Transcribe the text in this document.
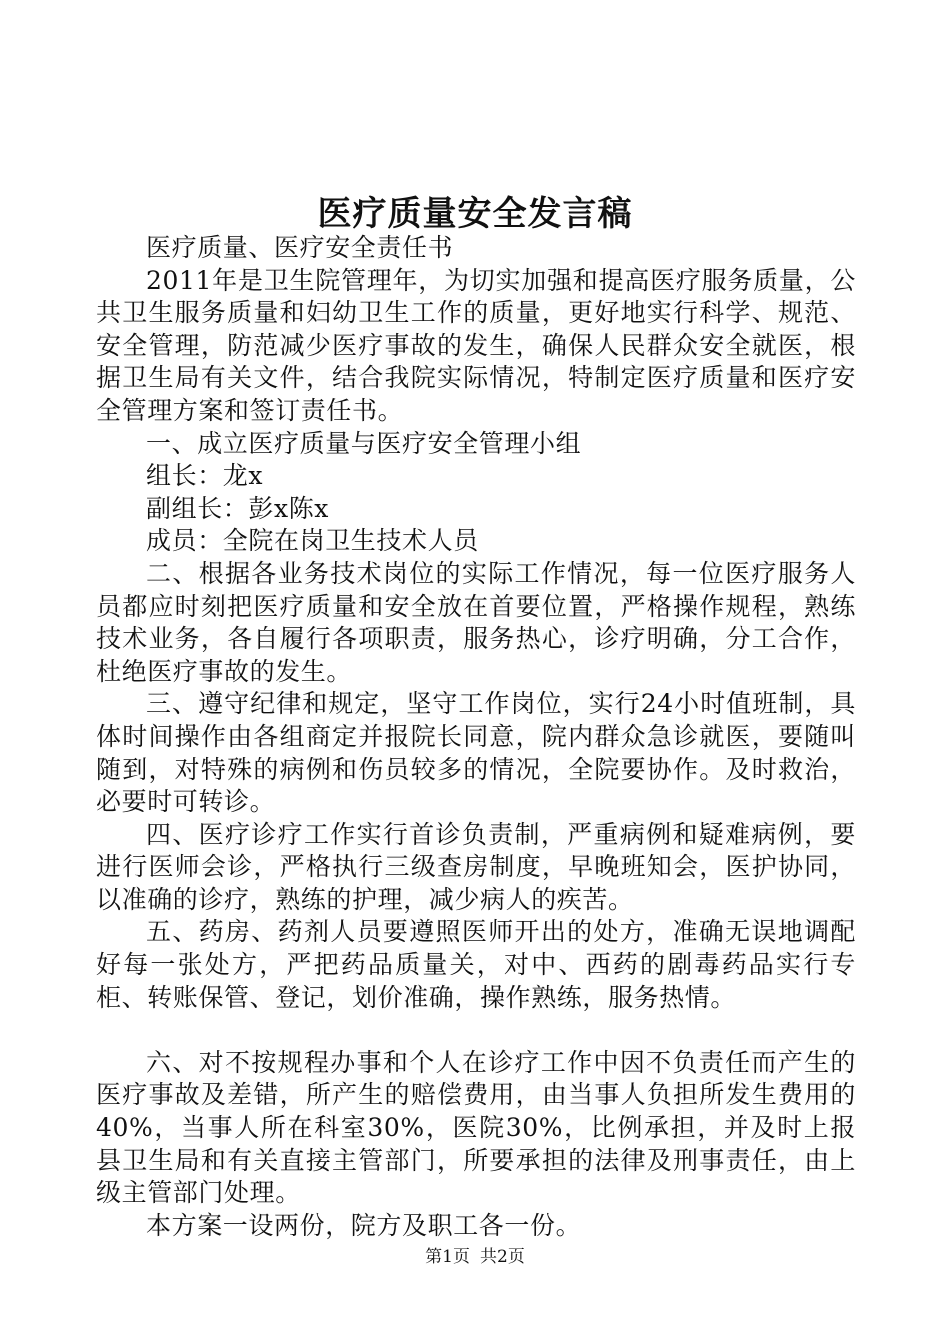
医疗质量安全发言稿

医疗质量、医疗安全责任书

2011年是卫生院管理年，为切实加强和提高医疗服务质量，公共卫生服务质量和妇幼卫生工作的质量，更好地实行科学、规范、安全管理，防范减少医疗事故的发生，确保人民群众安全就医，根据卫生局有关文件，结合我院实际情况，特制定医疗质量和医疗安全管理方案和签订责任书。

一、成立医疗质量与医疗安全管理小组

组长：龙x

副组长：彭x陈x

成员：全院在岗卫生技术人员

二、根据各业务技术岗位的实际工作情况，每一位医疗服务人员都应时刻把医疗质量和安全放在首要位置，严格操作规程，熟练技术业务，各自履行各项职责，服务热心，诊疗明确，分工合作，杜绝医疗事故的发生。

三、遵守纪律和规定，坚守工作岗位，实行24小时值班制，具体时间操作由各组商定并报院长同意，院内群众急诊就医，要随叫随到，对特殊的病例和伤员较多的情况，全院要协作。及时救治，必要时可转诊。

四、医疗诊疗工作实行首诊负责制，严重病例和疑难病例，要进行医师会诊，严格执行三级查房制度，早晚班知会，医护协同，以准确的诊疗，熟练的护理，减少病人的疾苦。

五、药房、药剂人员要遵照医师开出的处方，准确无误地调配好每一张处方，严把药品质量关，对中、西药的剧毒药品实行专柜、转账保管、登记，划价准确，操作熟练，服务热情。

六、对不按规程办事和个人在诊疗工作中因不负责任而产生的医疗事故及差错，所产生的赔偿费用，由当事人负担所发生费用的40%，当事人所在科室30%，医院30%，比例承担，并及时上报县卫生局和有关直接主管部门，所要承担的法律及刑事责任，由上级主管部门处理。

本方案一设两份，院方及职工各一份。

第1页 共2页
